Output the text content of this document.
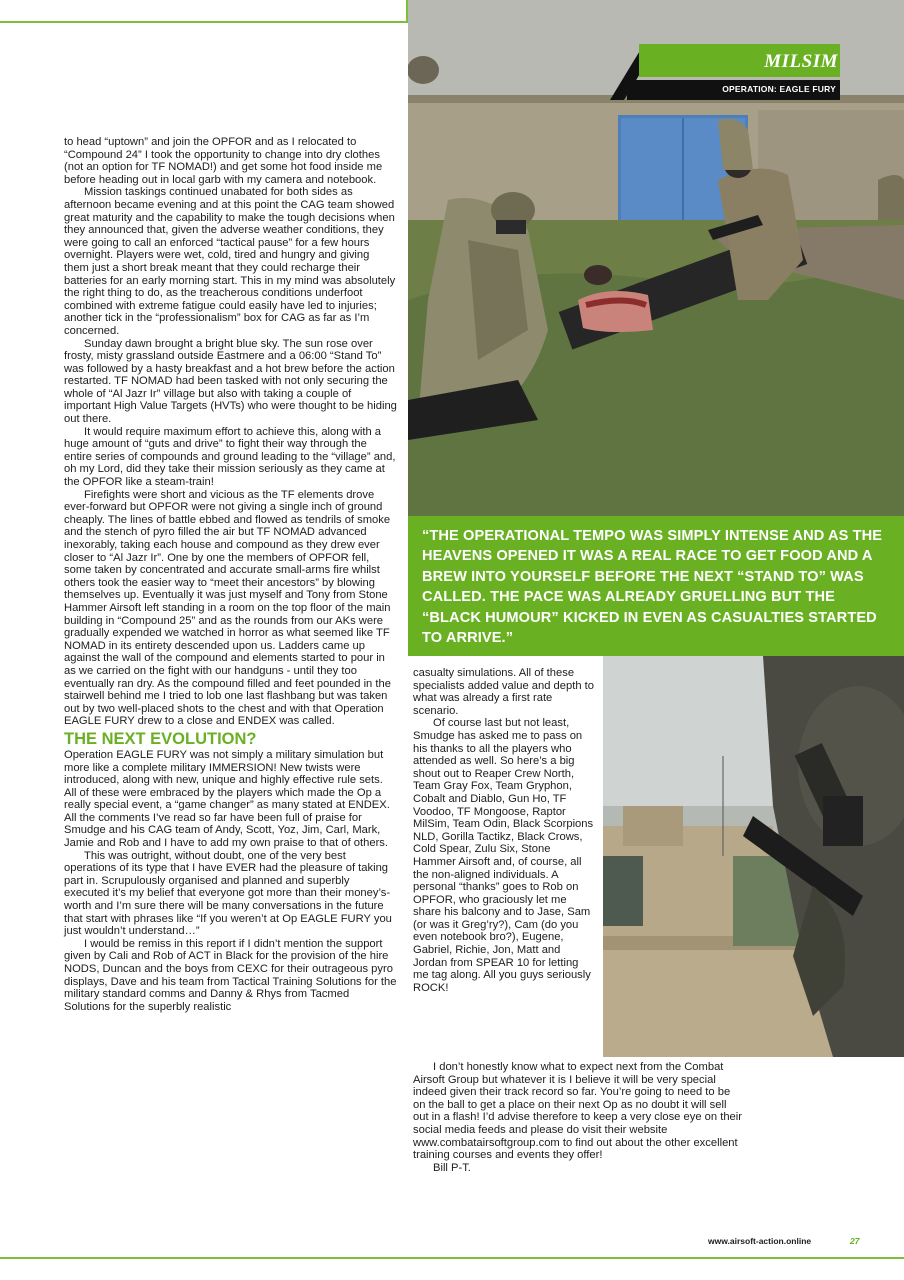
MILSIM
OPERATION: EAGLE FURY

to head “uptown” and join the OPFOR and as I relocated to “Compound 24” I took the opportunity to change into dry clothes (not an option for TF NOMAD!) and get some hot food inside me before heading out in local garb with my camera and notebook.

Mission taskings continued unabated for both sides as afternoon became evening and at this point the CAG team showed great maturity and the capability to make the tough decisions when they announced that, given the adverse weather conditions, they were going to call an enforced “tactical pause” for a few hours overnight. Players were wet, cold, tired and hungry and giving them just a short break meant that they could recharge their batteries for an early morning start. This in my mind was absolutely the right thing to do, as the treacherous conditions underfoot combined with extreme fatigue could easily have led to injuries; another tick in the “professionalism” box for CAG as far as I’m concerned.

Sunday dawn brought a bright blue sky. The sun rose over frosty, misty grassland outside Eastmere and a 06:00 “Stand To” was followed by a hasty breakfast and a hot brew before the action restarted. TF NOMAD had been tasked with not only securing the whole of “Al Jazr Ir” village but also with taking a couple of important High Value Targets (HVTs) who were thought to be hiding out there.

It would require maximum effort to achieve this, along with a huge amount of “guts and drive” to fight their way through the entire series of compounds and ground leading to the “village” and, oh my Lord, did they take their mission seriously as they came at the OPFOR like a steam-train!

Firefights were short and vicious as the TF elements drove ever-forward but OPFOR were not giving a single inch of ground cheaply. The lines of battle ebbed and flowed as tendrils of smoke and the stench of pyro filled the air but TF NOMAD advanced inexorably, taking each house and compound as they drew ever closer to “Al Jazr Ir”. One by one the members of OPFOR fell, some taken by concentrated and accurate small-arms fire whilst others took the easier way to “meet their ancestors” by blowing themselves up. Eventually it was just myself and Tony from Stone Hammer Airsoft left standing in a room on the top floor of the main building in “Compound 25” and as the rounds from our AKs were gradually expended we watched in horror as what seemed like TF NOMAD in its entirety descended upon us. Ladders came up against the wall of the compound and elements started to pour in as we carried on the fight with our handguns - until they too eventually ran dry. As the compound filled and feet pounded in the stairwell behind me I tried to lob one last flashbang but was taken out by two well-placed shots to the chest and with that Operation EAGLE FURY drew to a close and ENDEX was called.

THE NEXT EVOLUTION?

Operation EAGLE FURY was not simply a military simulation but more like a complete military IMMERSION! New twists were introduced, along with new, unique and highly effective rule sets. All of these were embraced by the players which made the Op a really special event, a “game changer” as many stated at ENDEX. All the comments I’ve read so far have been full of praise for Smudge and his CAG team of Andy, Scott, Yoz, Jim, Carl, Mark, Jamie and Rob and I have to add my own praise to that of others.

This was outright, without doubt, one of the very best operations of its type that I have EVER had the pleasure of taking part in. Scrupulously organised and planned and superbly executed it’s my belief that everyone got more than their money’s-worth and I’m sure there will be many conversations in the future that start with phrases like “If you weren’t at Op EAGLE FURY you just wouldn’t understand…”

I would be remiss in this report if I didn’t mention the support given by Cali and Rob of ACT in Black for the provision of the hire NODS, Duncan and the boys from CEXC for their outrageous pyro displays, Dave and his team from Tactical Training Solutions for the military standard comms and Danny & Rhys from Tacmed Solutions for the superbly realistic

“THE OPERATIONAL TEMPO WAS SIMPLY INTENSE AND AS THE HEAVENS OPENED IT WAS A REAL RACE TO GET FOOD AND A BREW INTO YOURSELF BEFORE THE NEXT “STAND TO” WAS CALLED. THE PACE WAS ALREADY GRUELLING BUT THE “BLACK HUMOUR” KICKED IN EVEN AS CASUALTIES STARTED TO ARRIVE.”

casualty simulations. All of these specialists added value and depth to what was already a first rate scenario.

Of course last but not least, Smudge has asked me to pass on his thanks to all the players who attended as well. So here’s a big shout out to Reaper Crew North, Team Gray Fox, Team Gryphon, Cobalt and Diablo, Gun Ho, TF Voodoo, TF Mongoose, Raptor MilSim, Team Odin, Black Scorpions NLD, Gorilla Tactikz, Black Crows, Cold Spear, Zulu Six, Stone Hammer Airsoft and, of course, all the non-aligned individuals. A personal “thanks” goes to Rob on OPFOR, who graciously let me share his balcony and to Jase, Sam (or was it Greg’ry?), Cam (do you even notebook bro?), Eugene, Gabriel, Richie, Jon, Matt and Jordan from SPEAR 10 for letting me tag along. All you guys seriously ROCK!

I don’t honestly know what to expect next from the Combat Airsoft Group but whatever it is I believe it will be very special indeed given their track record so far. You’re going to need to be on the ball to get a place on their next Op as no doubt it will sell out in a flash! I’d advise therefore to keep a very close eye on their social media feeds and please do visit their website www.combatairsoftgroup.com to find out about the other excellent training courses and events they offer!

Bill P-T.

www.airsoft-action.online	27
